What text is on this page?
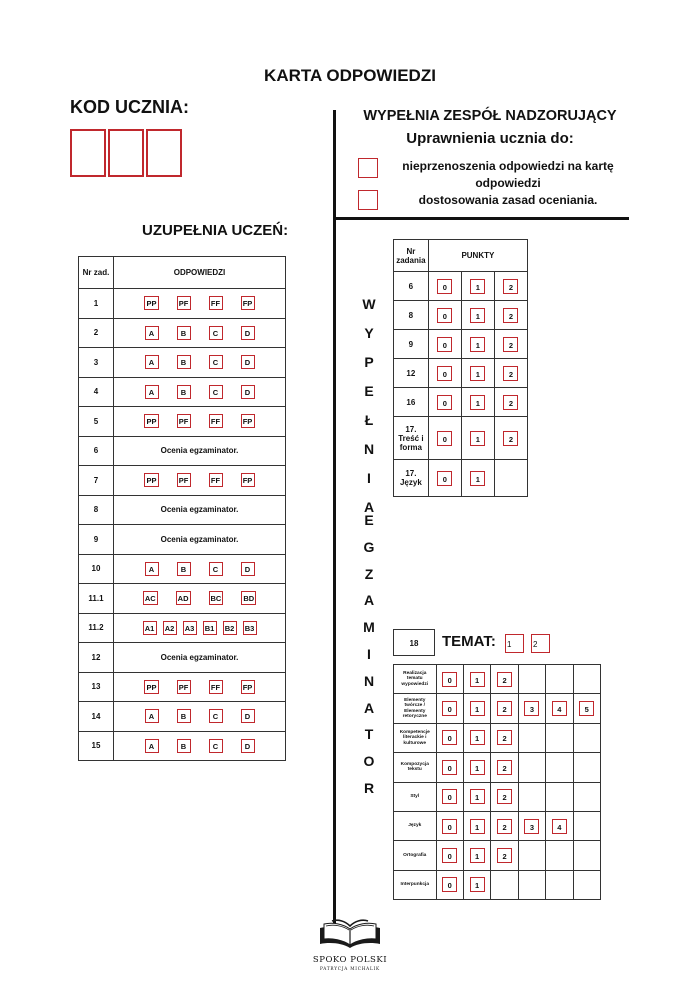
KARTA ODPOWIEDZI
KOD UCZNIA:	WYPEŁNIA ZESPÓŁ NADZORUJĄCY
Uprawnienia ucznia do:
nieprzenoszenia odpowiedzi na kartę
odpowiedzi
dostosowania zasad oceniania.
UZUPEŁNIA UCZEŃ:
Nr zad.	ODPOWIEDZI
1	PP PF FF FP
2	A B C D
3	A B C D
4	A B C D
5	PP PF FF FP
6	Ocenia egzaminator.
7	PP PF FF FP
8	Ocenia egzaminator.
9	Ocenia egzaminator.
10	A B C D
11.1	AC AD BC BD
11.2	A1 A2 A3 B1 B2 B3
12	Ocenia egzaminator.
13	PP PF FF FP
14	A B C D
15	A B C D
W
Y
P
E
Ł
N
I
A
E
G
Z
A
M
I
N
A
T
O
R
Nr zadania	PUNKTY		
6	0	1	2
8	0	1	2
9	0	1	2
12	0	1	2
16	0	1	2
17. Treść i forma	0	1	2
17. Język	0	1	
18	TEMAT: 1	2
Realizacja tematu wypowiedzi	0	1	2			
Elementy twórcze / Elementy retoryczne	0	1	2	3	4	5
Kompetencje literackie i kulturowe	0	1	2			
Kompozycja tekstu	0	1	2			
Styl	0	1	2			
Język	0	1	2	3	4	
Ortografia	0	1	2			
Interpunkcja	0	1				
SPOKO POLSKI
PATRYCJA MICHALIK
